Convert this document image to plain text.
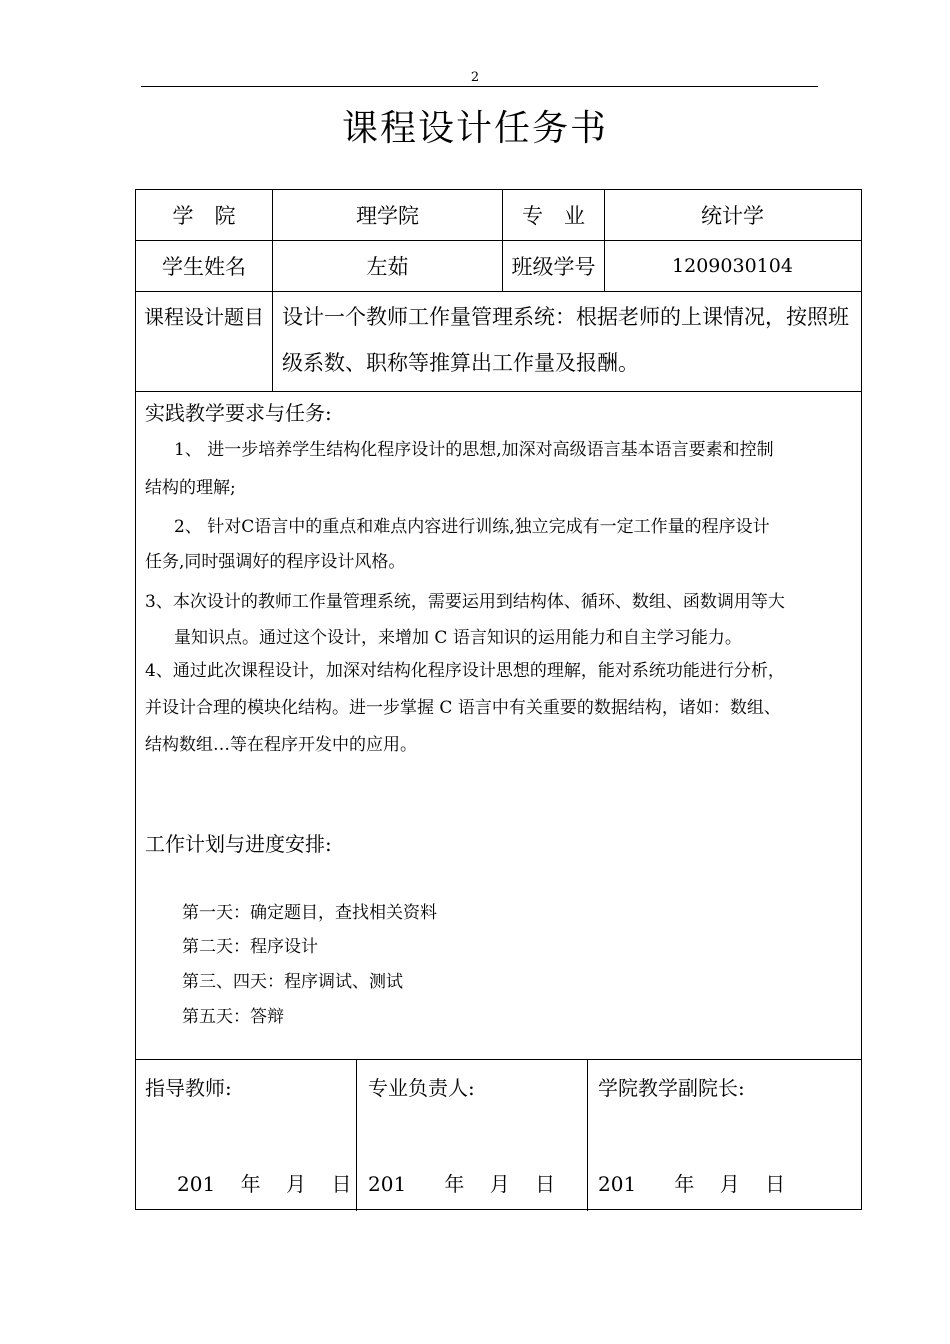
2
课程设计任务书
学　院	理学院	专　业	统计学
学生姓名	左茹	班级学号	1209030104
课程设计题目 设计一个教师工作量管理系统：根据老师的上课情况，按照班级系数、职称等推算出工作量及报酬。
实践教学要求与任务:
1、 进一步培养学生结构化程序设计的思想,加深对高级语言基本语言要素和控制
结构的理解;
2、 针对C语言中的重点和难点内容进行训练,独立完成有一定工作量的程序设计
任务,同时强调好的程序设计风格。
3、本次设计的教师工作量管理系统，需要运用到结构体、循环、数组、函数调用等大
量知识点。通过这个设计，来增加 C 语言知识的运用能力和自主学习能力。
4、通过此次课程设计，加深对结构化程序设计思想的理解，能对系统功能进行分析，
并设计合理的模块化结构。进一步掌握 C 语言中有关重要的数据结构，诸如：数组、
结构数组…等在程序开发中的应用。
工作计划与进度安排:
第一天：确定题目，查找相关资料
第二天：程序设计
第三、四天：程序调试、测试
第五天：答辩
指导教师:	专业负责人:	学院教学副院长:
201    年    月    日 201      年    月    日 201      年    月    日
